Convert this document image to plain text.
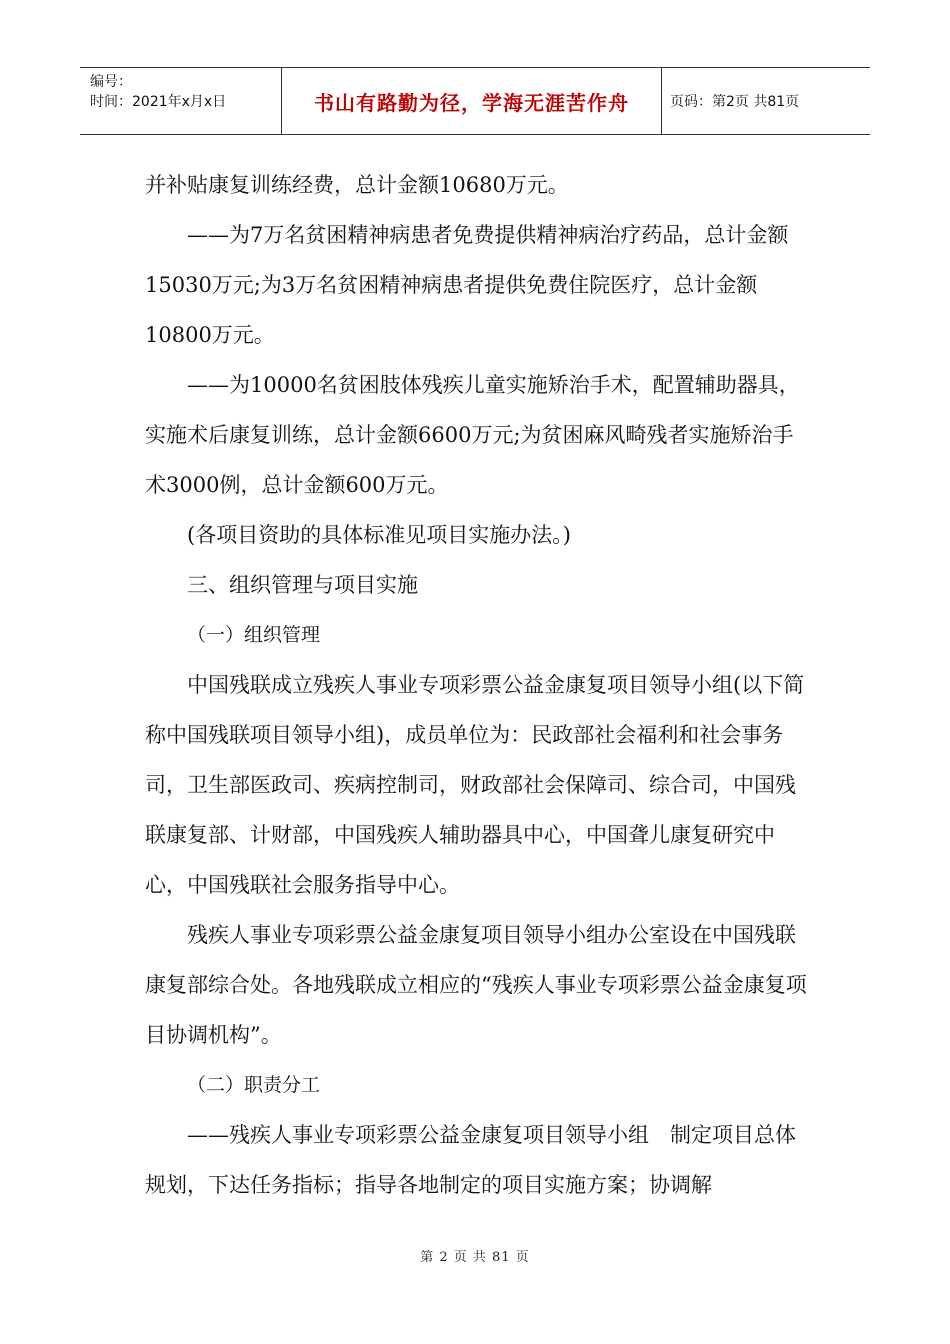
编号：
时间：2021年x月x日	书山有路勤为径，学海无涯苦作舟	页码：第2页 共81页

并补贴康复训练经费，总计金额10680万元。

——为7万名贫困精神病患者免费提供精神病治疗药品，总计金额15030万元;为3万名贫困精神病患者提供免费住院医疗，总计金额10800万元。

——为10000名贫困肢体残疾儿童实施矫治手术，配置辅助器具，实施术后康复训练，总计金额6600万元;为贫困麻风畸残者实施矫治手术3000例，总计金额600万元。

(各项目资助的具体标准见项目实施办法。)

三、组织管理与项目实施

（一）组织管理

中国残联成立残疾人事业专项彩票公益金康复项目领导小组(以下简称中国残联项目领导小组)，成员单位为：民政部社会福利和社会事务司，卫生部医政司、疾病控制司，财政部社会保障司、综合司，中国残联康复部、计财部，中国残疾人辅助器具中心，中国聋儿康复研究中心，中国残联社会服务指导中心。

残疾人事业专项彩票公益金康复项目领导小组办公室设在中国残联康复部综合处。各地残联成立相应的“残疾人事业专项彩票公益金康复项目协调机构”。

（二）职责分工

——残疾人事业专项彩票公益金康复项目领导小组　制定项目总体规划，下达任务指标；指导各地制定的项目实施方案；协调解

第 2 页 共 81 页
